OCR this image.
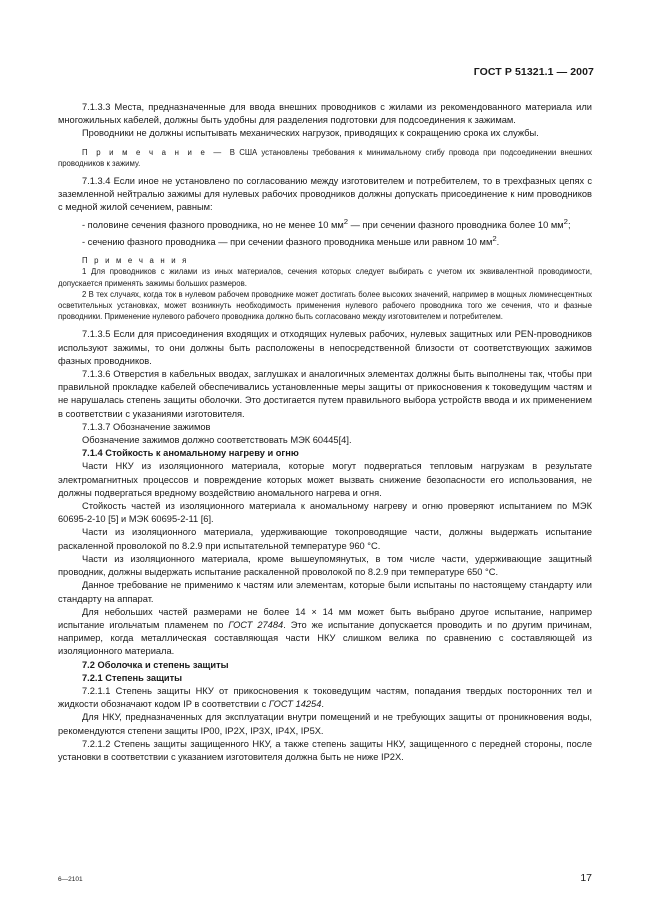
ГОСТ Р 51321.1 — 2007

7.1.3.3 Места, предназначенные для ввода внешних проводников с жилами из рекомендованного материала или многожильных кабелей, должны быть удобны для разделения подготовки для подсоединения к зажимам.

Проводники не должны испытывать механических нагрузок, приводящих к сокращению срока их службы.

П р и м е ч а н и е — В США установлены требования к минимальному сгибу провода при подсоединении внешних проводников к зажиму.

7.1.3.4 Если иное не установлено по согласованию между изготовителем и потребителем, то в трехфазных цепях с заземленной нейтралью зажимы для нулевых рабочих проводников должны допускать присоединение к ним проводников с медной жилой сечением, равным:

- половине сечения фазного проводника, но не менее 10 $мм^2$ — при сечении фазного проводника более 10 $мм^2$;

- сечению фазного проводника — при сечении фазного проводника меньше или равном 10 $мм^2$.

П р и м е ч а н и я

1 Для проводников с жилами из иных материалов, сечения которых следует выбирать с учетом их эквивалентной проводимости, допускается применять зажимы больших размеров.

2 В тех случаях, когда ток в нулевом рабочем проводнике может достигать более высоких значений, например в мощных люминесцентных осветительных установках, может возникнуть необходимость применения нулевого рабочего проводника того же сечения, что и фазные проводники. Применение нулевого рабочего проводника должно быть согласовано между изготовителем и потребителем.

7.1.3.5 Если для присоединения входящих и отходящих нулевых рабочих, нулевых защитных или PEN-проводников используют зажимы, то они должны быть расположены в непосредственной близости от соответствующих зажимов фазных проводников.

7.1.3.6 Отверстия в кабельных вводах, заглушках и аналогичных элементах должны быть выполнены так, чтобы при правильной прокладке кабелей обеспечивались установленные меры защиты от прикосновения к токоведущим частям и не нарушалась степень защиты оболочки. Это достигается путем правильного выбора устройств ввода и их применением в соответствии с указаниями изготовителя.

7.1.3.7 Обозначение зажимов

Обозначение зажимов должно соответствовать МЭК 60445[4].

7.1.4 Стойкость к аномальному нагреву и огню

Части НКУ из изоляционного материала, которые могут подвергаться тепловым нагрузкам в результате электромагнитных процессов и повреждение которых может вызвать снижение безопасности его использования, не должны подвергаться вредному воздействию аномального нагрева и огня.

Стойкость частей из изоляционного материала к аномальному нагреву и огню проверяют испытанием по МЭК 60695-2-10 [5] и МЭК 60695-2-11 [6].

Части из изоляционного материала, удерживающие токопроводящие части, должны выдержать испытание раскаленной проволокой по 8.2.9 при испытательной температуре 960 °С.

Части из изоляционного материала, кроме вышеупомянутых, в том числе части, удерживающие защитный проводник, должны выдержать испытание раскаленной проволокой по 8.2.9 при температуре 650 °С.

Данное требование не применимо к частям или элементам, которые были испытаны по настоящему стандарту или стандарту на аппарат.

Для небольших частей размерами не более 14 × 14 мм может быть выбрано другое испытание, например испытание игольчатым пламенем по ГОСТ 27484. Это же испытание допускается проводить и по другим причинам, например, когда металлическая составляющая части НКУ слишком велика по сравнению с составляющей из изоляционного материала.

7.2 Оболочка и степень защиты

7.2.1 Степень защиты

7.2.1.1 Степень защиты НКУ от прикосновения к токоведущим частям, попадания твердых посторонних тел и жидкости обозначают кодом IP в соответствии с ГОСТ 14254.

Для НКУ, предназначенных для эксплуатации внутри помещений и не требующих защиты от проникновения воды, рекомендуются степени защиты IP00, IP2X, IP3X, IP4X, IP5X.

7.2.1.2 Степень защиты защищенного НКУ, а также степень защиты НКУ, защищенного с передней стороны, после установки в соответствии с указанием изготовителя должна быть не ниже IP2X.

6—2101	17
